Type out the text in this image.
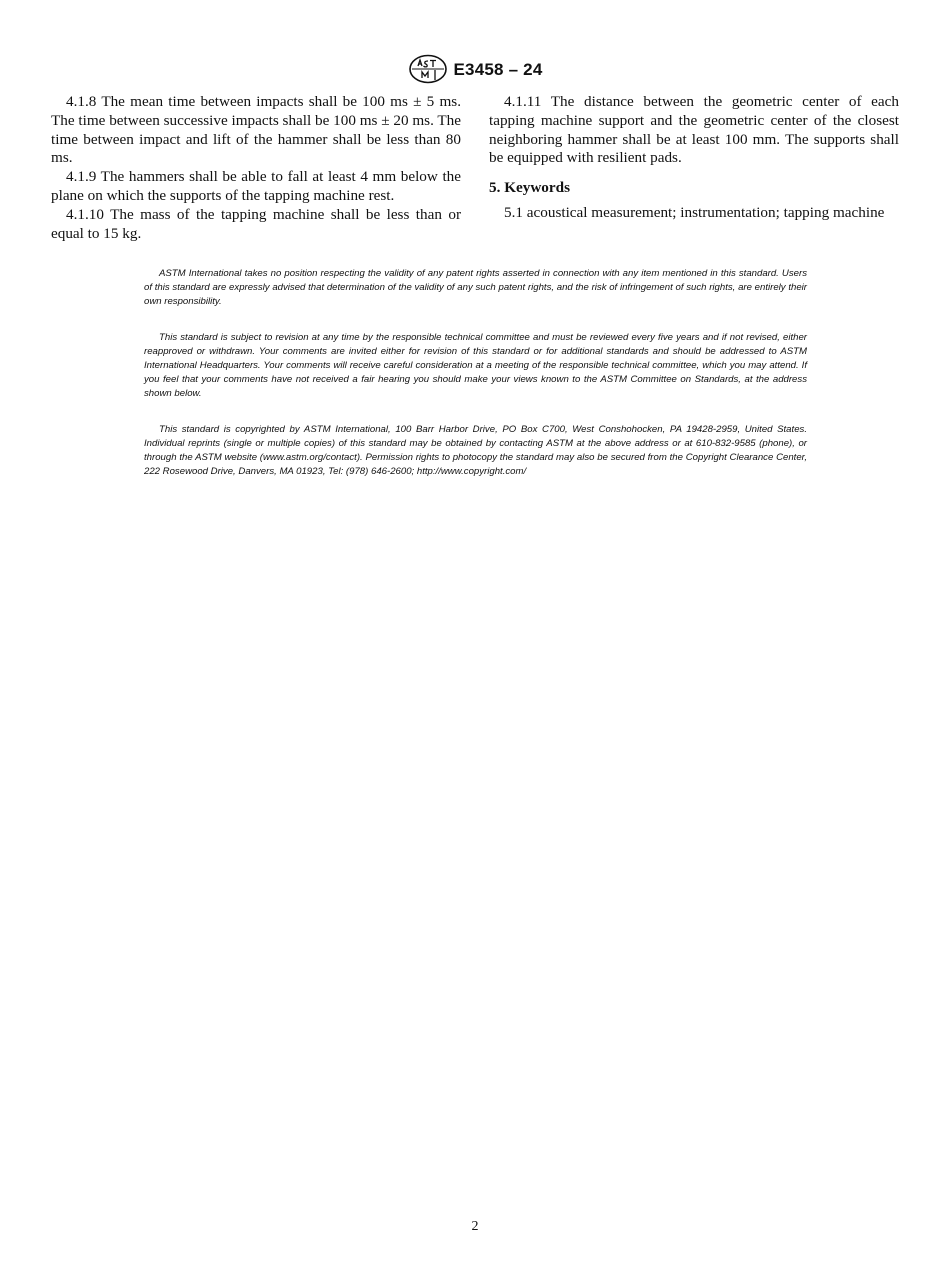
E3458 – 24

4.1.8 The mean time between impacts shall be 100 ms ± 5 ms. The time between successive impacts shall be 100 ms ± 20 ms. The time between impact and lift of the hammer shall be less than 80 ms.

4.1.9 The hammers shall be able to fall at least 4 mm below the plane on which the supports of the tapping machine rest.

4.1.10 The mass of the tapping machine shall be less than or equal to 15 kg.

4.1.11 The distance between the geometric center of each tapping machine support and the geometric center of the closest neighboring hammer shall be at least 100 mm. The supports shall be equipped with resilient pads.

5. Keywords

5.1 acoustical measurement; instrumentation; tapping machine

ASTM International takes no position respecting the validity of any patent rights asserted in connection with any item mentioned in this standard. Users of this standard are expressly advised that determination of the validity of any such patent rights, and the risk of infringement of such rights, are entirely their own responsibility.

This standard is subject to revision at any time by the responsible technical committee and must be reviewed every five years and if not revised, either reapproved or withdrawn. Your comments are invited either for revision of this standard or for additional standards and should be addressed to ASTM International Headquarters. Your comments will receive careful consideration at a meeting of the responsible technical committee, which you may attend. If you feel that your comments have not received a fair hearing you should make your views known to the ASTM Committee on Standards, at the address shown below.

This standard is copyrighted by ASTM International, 100 Barr Harbor Drive, PO Box C700, West Conshohocken, PA 19428-2959, United States. Individual reprints (single or multiple copies) of this standard may be obtained by contacting ASTM at the above address or at 610-832-9585 (phone), or through the ASTM website (www.astm.org/contact). Permission rights to photocopy the standard may also be secured from the Copyright Clearance Center, 222 Rosewood Drive, Danvers, MA 01923, Tel: (978) 646-2600; http://www.copyright.com/

2
